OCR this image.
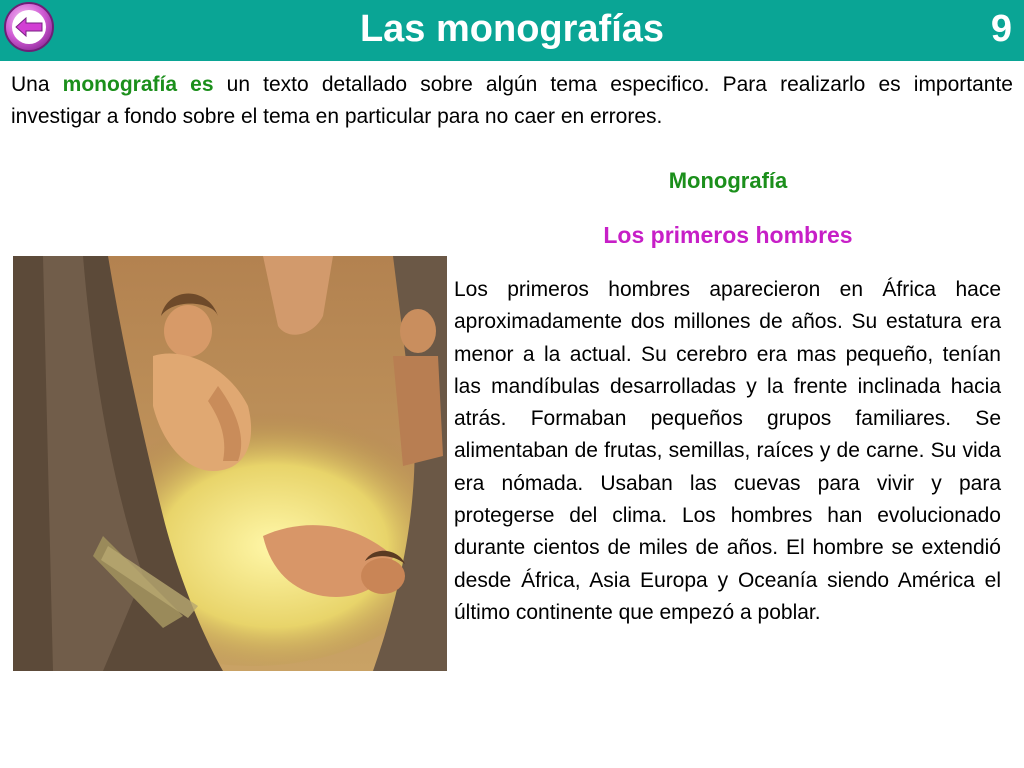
Las monografías	9
Una monografía es un texto detallado sobre algún tema especifico. Para realizarlo es importante investigar a fondo sobre el tema en particular para no caer en errores.
Monografía
Los primeros hombres
Los primeros hombres aparecieron en África hace aproximadamente dos millones de años. Su estatura era menor a la actual. Su cerebro era mas pequeño, tenían las mandíbulas desarrolladas y la frente inclinada hacia atrás. Formaban pequeños grupos familiares. Se alimentaban de frutas, semillas, raíces y de carne. Su vida era nómada. Usaban las cuevas para vivir y para protegerse del clima. Los hombres han evolucionado durante cientos de miles de años. El hombre se extendió desde África, Asia Europa y Oceanía siendo América el último continente que empezó a poblar.
